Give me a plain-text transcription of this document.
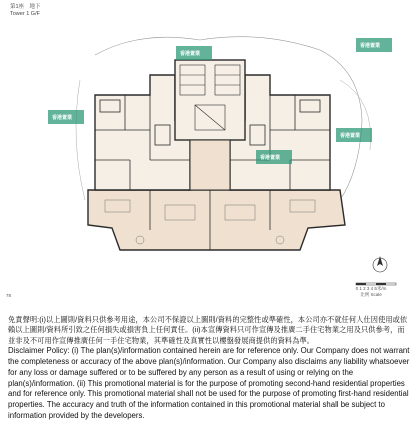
第1座　地下
Tower 1 G/F
香港置業
香港置業
香港置業
香港置業
香港置業
0 1 2 3 4 5米/m
比例 Scale
78

免責聲明:(i)以上圖則/資料只供參考用途，本公司不保證以上圖則/資料的完整性或準確性，本公司亦不就任何人仕因使用或依賴以上圖則/資料所引致之任何損失或損害負上任何責任。(ii)本宣傳資料只可作宣傳及推廣二手住宅物業之用及只供參考，而並非及不可用作宣傳推廣任何一手住宅物業，其準確性及真實性以樓盤發展商提供的資料為準。

Disclaimer Policy: (i) The plan(s)/information contained herein are for reference only. Our Company does not warrant the completeness or accuracy of the above plan(s)/information. Our Company also disclaims any liability whatsoever for any loss or damage suffered or to be suffered by any person as a result of using or relying on the plan(s)/information. (ii) This promotional material is for the purpose of promoting second-hand residential properties and for reference only. This promotional material shall not be used for the purpose of promoting first-hand residential properties. The accuracy and truth of the information contained in this promotional material shall be subject to information provided by the developers.
